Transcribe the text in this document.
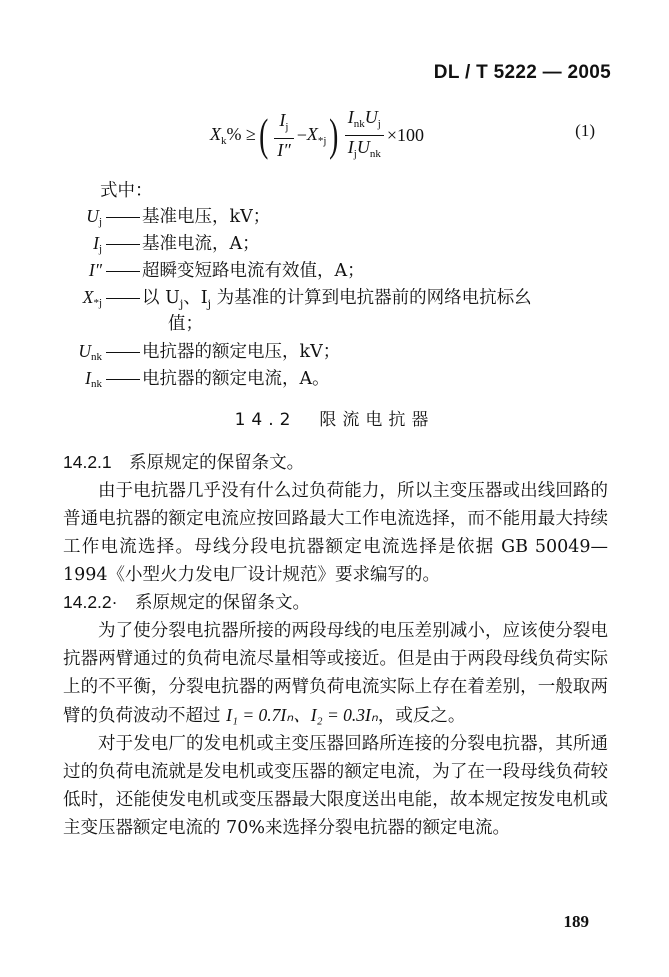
DL / T 5222 — 2005
$X_k\%$ ≥ ( $\frac{I_j}{I''} - X_{*j}$ ) $\frac{I_{nk}U_j}{I_jU_{nk}} \times 100$	(1)
式中：
$U_j$ 基准电压，kV；
$I_j$ 基准电流，A；
I″ 超瞬变短路电流有效值，A；
$X_{*j}$ 以 $U_j$、$I_j$ 为基准的计算到电抗器前的网络电抗标幺
值；
$U_{nk}$ 电抗器的额定电压，kV；
$I_{nk}$ 电抗器的额定电流，A。
14.2　限流电抗器

14.2.1　 系原规定的保留条文。

由于电抗器几乎没有什么过负荷能力，所以主变压器或出线回路的普通电抗器的额定电流应按回路最大工作电流选择，而不能用最大持续工作电流选择。母线分段电抗器额定电流选择是依据 GB 50049—1994《小型火力发电厂设计规范》要求编写的。

14.2.2·　 系原规定的保留条文。

为了使分裂电抗器所接的两段母线的电压差别减小，应该使分裂电抗器两臂通过的负荷电流尽量相等或接近。但是由于两段母线负荷实际上的不平衡，分裂电抗器的两臂负荷电流实际上存在着差别，一般取两臂的负荷波动不超过 I₁ = 0.7Iₙ、I₂ = 0.3Iₙ，或反之。

对于发电厂的发电机或主变压器回路所连接的分裂电抗器，其所通过的负荷电流就是发电机或变压器的额定电流，为了在一段母线负荷较低时，还能使发电机或变压器最大限度送出电能，故本规定按发电机或主变压器额定电流的 70%来选择分裂电抗器的额定电流。

189
